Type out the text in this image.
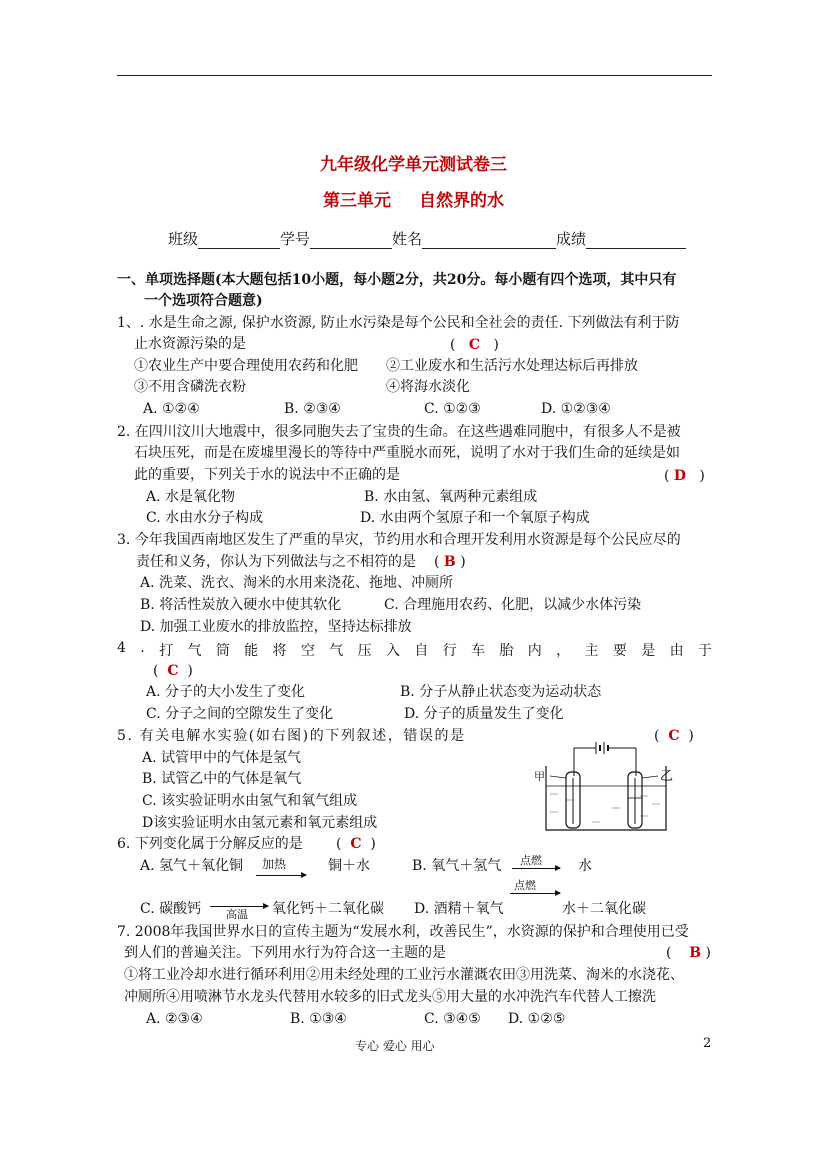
九年级化学单元测试卷三
第三单元 自然界的水
班级	学号	姓名	成绩
一、单项选择题(本大题包括10小题，每小题2分，共20分。每小题有四个选项，其中只有
一个选项符合题意)
1、. 水是生命之源, 保护水资源, 防止水污染是每个公民和全社会的责任. 下列做法有利于防
止水资源污染的是	(   C   )
①农业生产中要合理使用农药和化肥 ②工业废水和生活污水处理达标后再排放
③不用含磷洗衣粉	④将海水淡化
A. ①②④	B. ②③④	C. ①②③	D. ①②③④
2. 在四川汶川大地震中，很多同胞失去了宝贵的生命。在这些遇难同胞中，有很多人不是被
石块压死，而是在废墟里漫长的等待中严重脱水而死，说明了水对于我们生命的延续是如
此的重要，下列关于水的说法中不正确的是	( D   )
A. 水是氧化物	B. 水由氢、氧两种元素组成
C. 水由水分子构成	D. 水由两个氢原子和一个氧原子构成
3. 今年我国西南地区发生了严重的旱灾，节约用水和合理开发利用水资源是每个公民应尽的
责任和义务，你认为下列做法与之不相符的是 ( B )
A. 洗菜、洗衣、淘米的水用来浇花、拖地、冲厕所
B. 将活性炭放入硬水中使其软化	C. 合理施用农药、化肥，以减少水体污染
D. 加强工业废水的排放监控，坚持达标排放
4 . 打 气 筒 能 将 空 气 压 入 自 行 车 胎 内 ， 主 要 是 由 于
(  C  )
A. 分子的大小发生了变化	B. 分子从静止状态变为运动状态
C. 分子之间的空隙发生了变化	D. 分子的质量发生了变化
5. 有关电解水实验(如右图)的下列叙述，错误的是	(  C  )
A. 试管甲中的气体是氢气
B. 试管乙中的气体是氧气
C. 该实验证明水由氢气和氧气组成
D该实验证明水由氢元素和氧元素组成
甲	乙
6. 下列变化属于分解反应的是 (  C  )
A. 氢气＋氧化铜 加热	铜＋水	B. 氧气＋氢气 点燃 → 水
点燃
C. 碳酸钙 →
高温 氧化钙＋二氧化碳 D. 酒精＋氧气	水＋二氧化碳
7. 2008年我国世界水日的宣传主题为“发展水利，改善民生”，水资源的保护和合理使用已受
到人们的普遍关注。下列用水行为符合这一主题的是	(    B )
①将工业冷却水进行循环利用②用未经处理的工业污水灌溉农田③用洗菜、淘米的水浇花、
冲厕所④用喷淋节水龙头代替用水较多的旧式龙头⑤用大量的水冲洗汽车代替人工擦洗
A. ②③④	B. ①③④	C. ③④⑤ D. ①②⑤
专心 爱心 用心	2
